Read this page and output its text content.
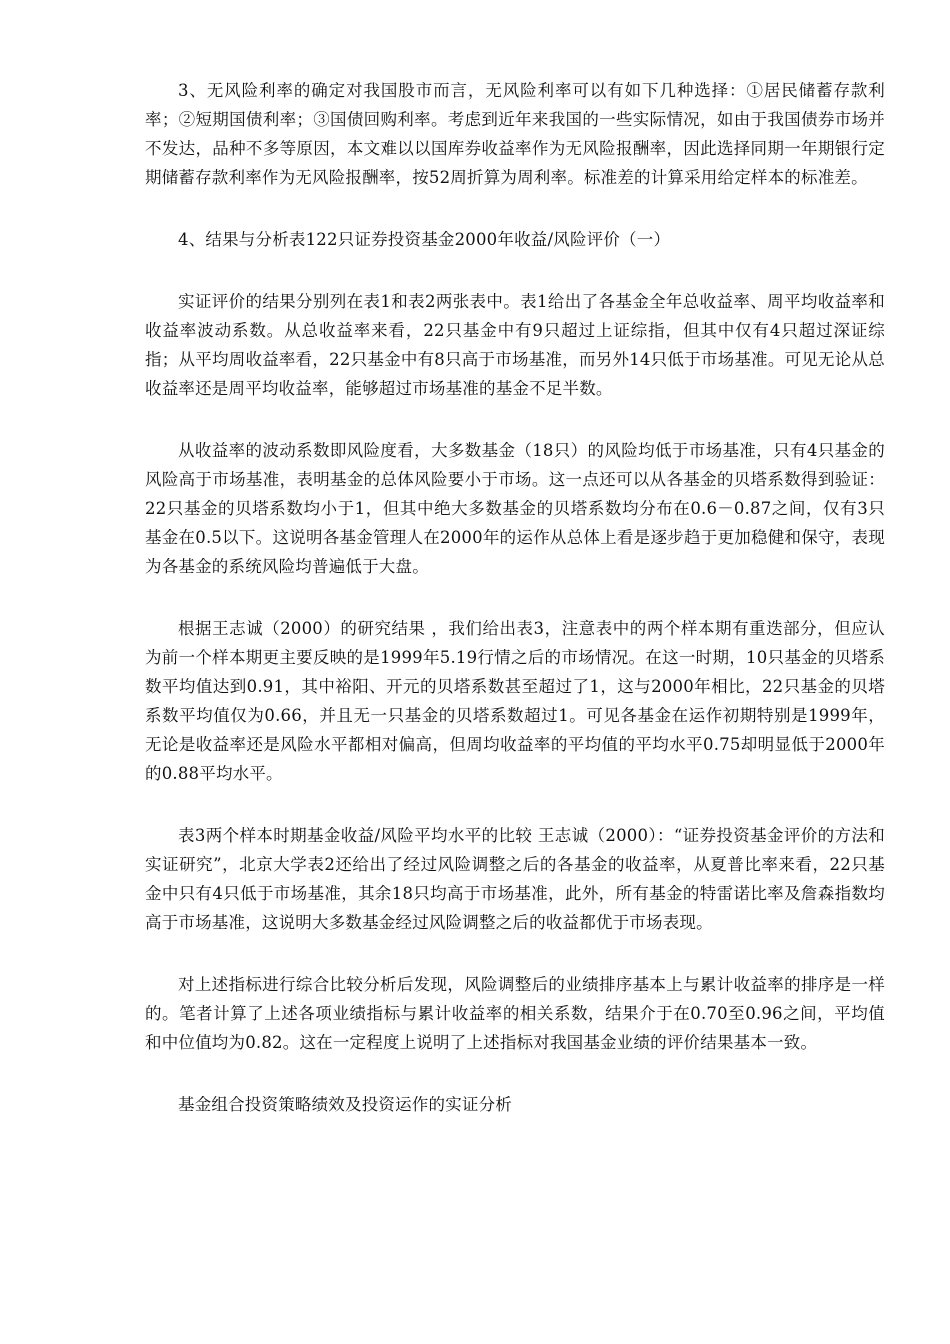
3、无风险利率的确定对我国股市而言，无风险利率可以有如下几种选择：①居民储蓄存款利率；②短期国债利率；③国债回购利率。考虑到近年来我国的一些实际情况，如由于我国债券市场并不发达，品种不多等原因，本文难以以国库券收益率作为无风险报酬率，因此选择同期一年期银行定期储蓄存款利率作为无风险报酬率，按52周折算为周利率。标准差的计算采用给定样本的标准差。

4、结果与分析表122只证券投资基金2000年收益/风险评价（一）

实证评价的结果分别列在表1和表2两张表中。表1给出了各基金全年总收益率、周平均收益率和收益率波动系数。从总收益率来看，22只基金中有9只超过上证综指，但其中仅有4只超过深证综指；从平均周收益率看，22只基金中有8只高于市场基准，而另外14只低于市场基准。可见无论从总收益率还是周平均收益率，能够超过市场基准的基金不足半数。

从收益率的波动系数即风险度看，大多数基金（18只）的风险均低于市场基准，只有4只基金的风险高于市场基准，表明基金的总体风险要小于市场。这一点还可以从各基金的贝塔系数得到验证：22只基金的贝塔系数均小于1，但其中绝大多数基金的贝塔系数均分布在0.6－0.87之间，仅有3只基金在0.5以下。这说明各基金管理人在2000年的运作从总体上看是逐步趋于更加稳健和保守，表现为各基金的系统风险均普遍低于大盘。

根据王志诚（2000）的研究结果 ，我们给出表3，注意表中的两个样本期有重迭部分，但应认为前一个样本期更主要反映的是1999年5.19行情之后的市场情况。在这一时期，10只基金的贝塔系数平均值达到0.91，其中裕阳、开元的贝塔系数甚至超过了1，这与2000年相比，22只基金的贝塔系数平均值仅为0.66，并且无一只基金的贝塔系数超过1。可见各基金在运作初期特别是1999年，无论是收益率还是风险水平都相对偏高，但周均收益率的平均值的平均水平0.75却明显低于2000年的0.88平均水平。

表3两个样本时期基金收益/风险平均水平的比较 王志诚（2000）：“证券投资基金评价的方法和实证研究”，北京大学表2还给出了经过风险调整之后的各基金的收益率，从夏普比率来看，22只基金中只有4只低于市场基准，其余18只均高于市场基准，此外，所有基金的特雷诺比率及詹森指数均高于市场基准，这说明大多数基金经过风险调整之后的收益都优于市场表现。

对上述指标进行综合比较分析后发现，风险调整后的业绩排序基本上与累计收益率的排序是一样的。笔者计算了上述各项业绩指标与累计收益率的相关系数，结果介于在0.70至0.96之间，平均值和中位值均为0.82。这在一定程度上说明了上述指标对我国基金业绩的评价结果基本一致。

基金组合投资策略绩效及投资运作的实证分析
